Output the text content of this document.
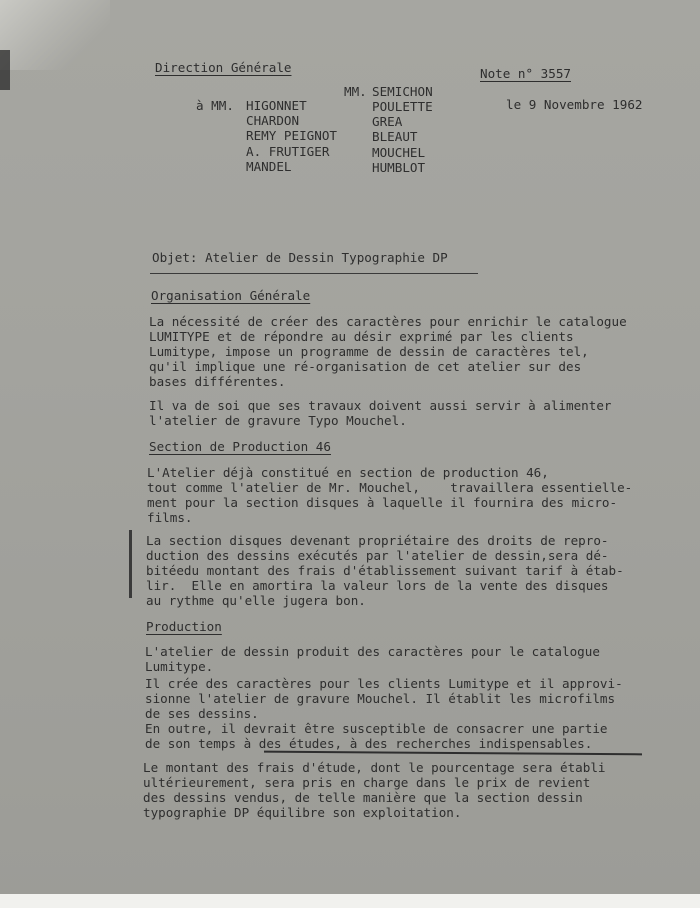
Direction Générale	Note n° 3557
le 9 Novembre 1962
à MM.
MM.
HIGONNET
CHARDON
REMY PEIGNOT
A. FRUTIGER
MANDEL
SEMICHON
POULETTE
GREA
BLEAUT
MOUCHEL
HUMBLOT
Objet: Atelier de Dessin Typographie DP
Organisation Générale
La nécessité de créer des caractères pour enrichir le catalogue
LUMITYPE et de répondre au désir exprimé par les clients
Lumitype, impose un programme de dessin de caractères tel,
qu'il implique une ré-organisation de cet atelier sur des
bases différentes.
Il va de soi que ses travaux doivent aussi servir à alimenter
l'atelier de gravure Typo Mouchel.
Section de Production 46
L'Atelier déjà constitué en section de production 46,
tout comme l'atelier de Mr. Mouchel,    travaillera essentielle-
ment pour la section disques à laquelle il fournira des micro-
films.
La section disques devenant propriétaire des droits de repro-
duction des dessins exécutés par l'atelier de dessin,sera dé-
bitéedu montant des frais d'établissement suivant tarif à étab-
lir.  Elle en amortira la valeur lors de la vente des disques
au rythme qu'elle jugera bon.
Production
L'atelier de dessin produit des caractères pour le catalogue
Lumitype.
Il crée des caractères pour les clients Lumitype et il approvi-
sionne l'atelier de gravure Mouchel. Il établit les microfilms
de ses dessins.
En outre, il devrait être susceptible de consacrer une partie
de son temps à des études, à des recherches indispensables.
Le montant des frais d'étude, dont le pourcentage sera établi
ultérieurement, sera pris en charge dans le prix de revient
des dessins vendus, de telle manière que la section dessin
typographie DP équilibre son exploitation.
